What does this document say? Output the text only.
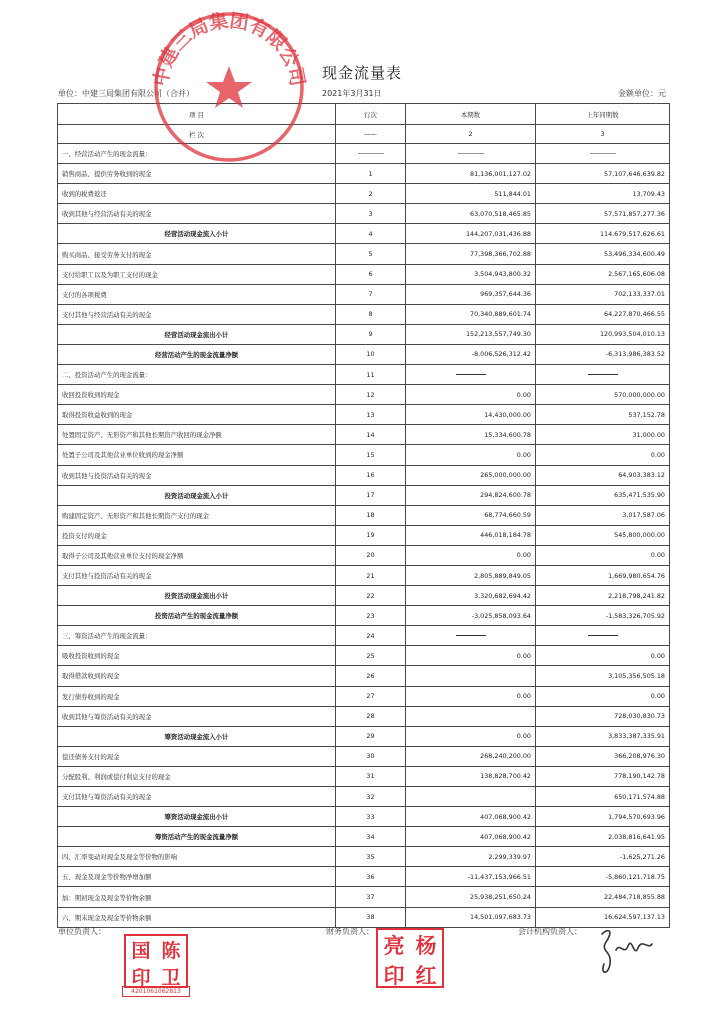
现金流量表
单位：中建三局集团有限公司（合并）	2021年3月31日	金额单位：元
项 目	行次	本期数	上年同期数
栏 次	——	2	3
一、经营活动产生的现金流量：			
销售商品、提供劳务收到的现金	1	81,136,001,127.02	57,107,646,639.82
收到的税费返还	2	511,844.01	13,709.43
收到其他与经营活动有关的现金	3	63,070,518,465.85	57,571,857,277.36
经营活动现金流入小计	4	144,207,031,436.88	114,679,517,626.61
购买商品、接受劳务支付的现金	5	77,398,366,702.88	53,496,334,600.49
支付给职工以及为职工支付的现金	6	3,504,943,800.32	2,567,165,606.08
支付的各项税费	7	969,357,644.36	702,133,337.01
支付其他与经营活动有关的现金	8	70,340,889,601.74	64,227,870,466.55
经营活动现金流出小计	9	152,213,557,749.30	120,993,504,010.13
经营活动产生的现金流量净额	10	-8,006,526,312.42	-6,313,986,383.52
二、投资活动产生的现金流量：	11		
收回投资收到的现金	12	0.00	570,000,000.00
取得投资收益收到的现金	13	14,430,000.00	537,152.78
处置固定资产、无形资产和其他长期资产收回的现金净额	14	15,334,600.78	31,000.00
处置子公司及其他营业单位收到的现金净额	15	0.00	0.00
收到其他与投资活动有关的现金	16	265,000,000.00	64,903,383.12
投资活动现金流入小计	17	294,824,600.78	635,471,535.90
购建固定资产、无形资产和其他长期资产支付的现金	18	68,774,660.59	3,017,587.06
投资支付的现金	19	446,018,184.78	545,800,000.00
取得子公司及其他营业单位支付的现金净额	20	0.00	0.00
支付其他与投资活动有关的现金	21	2,805,889,849.05	1,669,980,654.76
投资活动现金流出小计	22	3,320,682,694.42	2,218,798,241.82
投资活动产生的现金流量净额	23	-3,025,858,093.64	-1,583,326,705.92
三、筹资活动产生的现金流量：	24		
吸收投资收到的现金	25	0.00	0.00
取得借款收到的现金	26		3,105,356,505.18
发行债券收到的现金	27	0.00	0.00
收到其他与筹资活动有关的现金	28		728,030,830.73
筹资活动现金流入小计	29	0.00	3,833,387,335.91
偿还债务支付的现金	30	268,240,200.00	366,208,976.30
分配股利、利润或偿付利息支付的现金	31	138,828,700.42	778,190,142.78
支付其他与筹资活动有关的现金	32		650,171,574.88
筹资活动现金流出小计	33	407,068,900.42	1,794,570,693.96
筹资活动产生的现金流量净额	34	407,068,900.42	2,038,816,641.95
四、汇率变动对现金及现金等价物的影响	35	2,299,339.97	-1,625,271.26
五、现金及现金等价物净增加额	36	-11,437,153,966.51	-5,860,121,718.75
加：期初现金及现金等价物余额	37	25,938,251,650.24	22,484,718,855.88
六、期末现金及现金等价物余额	38	14,501,097,683.73	16,624,597,137.13
单位负责人：	财务负责人：	会计机构负责人：
中建三局集团有限公司
国 陈
印 卫
4201061062813
亮 杨
印 红
